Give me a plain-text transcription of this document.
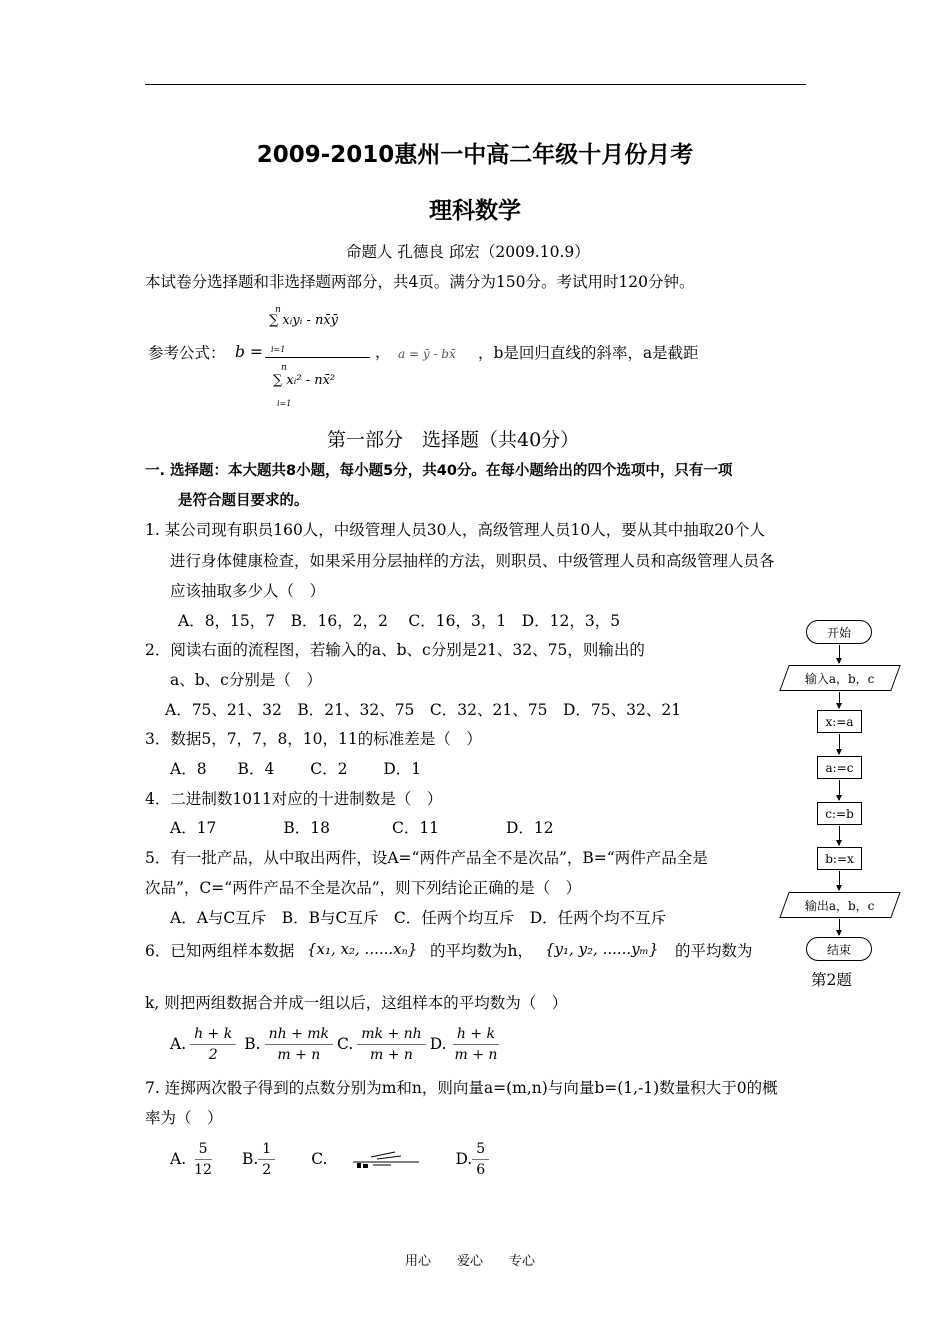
2009-2010惠州一中高二年级十月份月考
理科数学
命题人 孔德良 邱宏（2009.10.9）
本试卷分选择题和非选择题两部分，共4页。满分为150分。考试用时120分钟。
参考公式： b =
n
∑ xᵢyᵢ - nx̄ȳ
i=1
n
∑ xᵢ² - nx̄²
i=1
， a = ȳ - bx̄ ，b是回归直线的斜率，a是截距
第一部分　选择题（共40分）
一. 选择题：本大题共8小题，每小题5分，共40分。在每小题给出的四个选项中，只有一项
是符合题目要求的。
1. 某公司现有职员160人，中级管理人员30人，高级管理人员10人，要从其中抽取20个人
进行身体健康检查，如果采用分层抽样的方法，则职员、中级管理人员和高级管理人员各
应该抽取多少人（　）
A．8，15，7　B．16，2，2　 C．16，3，1　D．12，3，5
2．阅读右面的流程图，若输入的a、b、c分别是21、32、75，则输出的
a、b、c分别是（　）
A．75、21、32　B．21、32、75　C．32、21、75　D．75、32、21
3．数据5，7，7，8，10，11的标准差是（　）
A．8　　B．4　　 C．2　　 D．1
4．二进制数1011对应的十进制数是（　）
A．17　　　　 B．18　　　　C．11　　　　 D．12
5．有一批产品，从中取出两件，设A=“两件产品全不是次品”，B=“两件产品全是
次品”，C=“两件产品不全是次品”，则下列结论正确的是（　）
A．A与C互斥　B．B与C互斥　C．任两个均互斥　D．任两个均不互斥
6．已知两组样本数据 {x₁, x₂, ......xₙ} 的平均数为h， {y₁, y₂, ......yₘ} 的平均数为
k, 则把两组数据合并成一组以后，这组样本的平均数为（　）
A. $\frac{h + k}{2} B$. $\frac{nh + mk}{m + n} C$. $\frac{mk + nh}{m + n} D$. $\frac{h + k}{m + n}$
7. 连掷两次骰子得到的点数分别为m和n，则向量a=(m,n)与向量b=(1,-1)数量积大于0的概
率为（　）
A. $\frac{5}{12} B$. $\frac{1}{2} C$.	D. $\frac{5}{6}$
开始
输入a，b，c
x:=a
a:=c
c:=b
b:=x
输出a，b，c
结束
第2题
用心　　爱心　　专心
